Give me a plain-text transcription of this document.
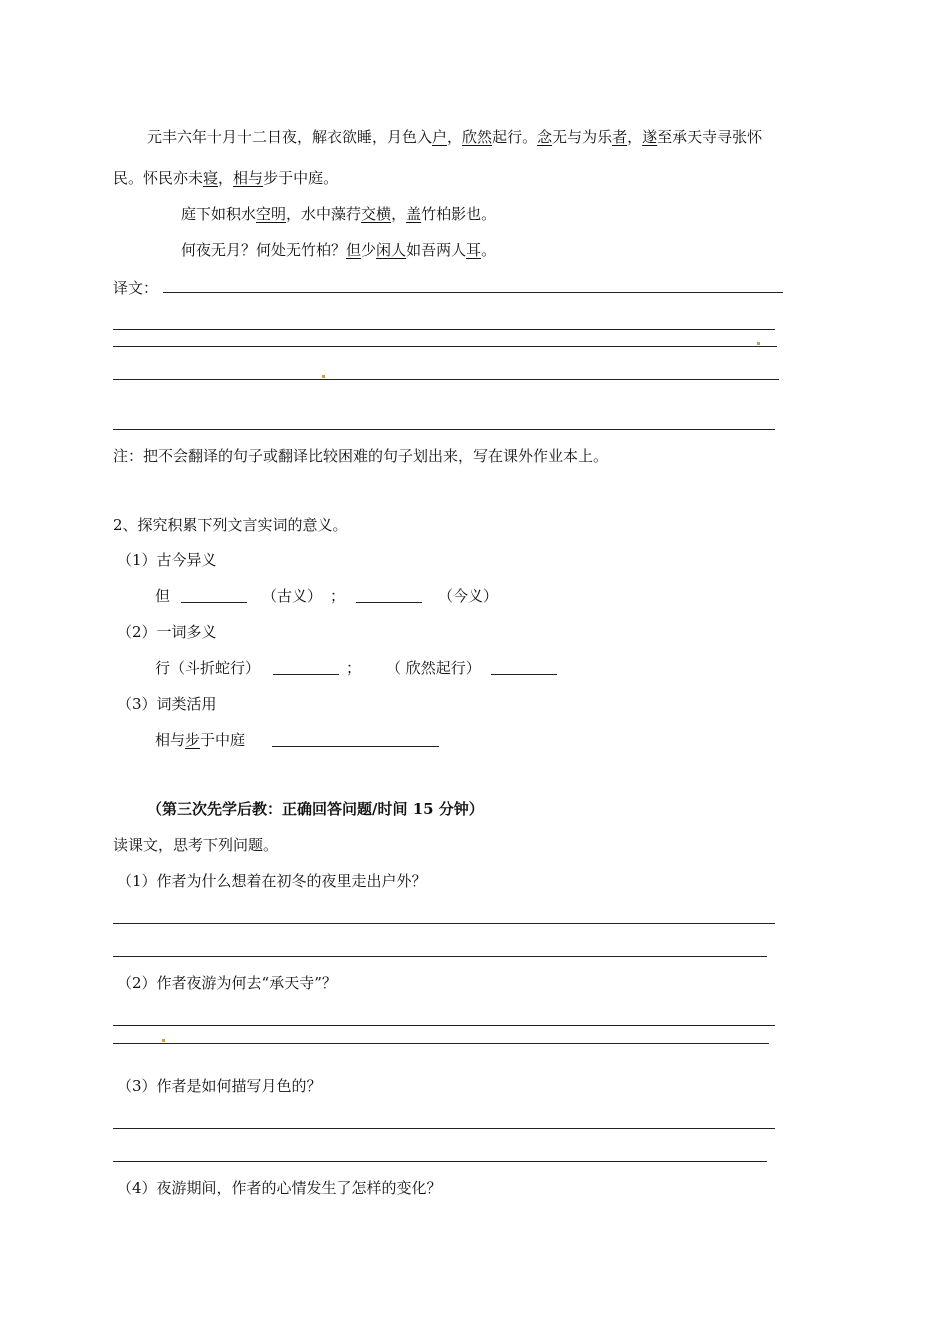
元丰六年十月十二日夜，解衣欲睡，月色入户，欣然起行。念无与为乐者，遂至承天寺寻张怀
民。怀民亦未寝，相与步于中庭。
庭下如积水空明，水中藻荇交横，盖竹柏影也。
何夜无月？何处无竹柏？但少闲人如吾两人耳。
译文：
注：把不会翻译的句子或翻译比较困难的句子划出来，写在课外作业本上。
2、探究积累下列文言实词的意义。
（1）古今异义
但	（古义） ；	（今义）
（2）一词多义
行（斗折蛇行）	； （ 欣然起行）
（3）词类活用
相与步于中庭
（第三次先学后教：正确回答问题/时间 15 分钟）
读课文，思考下列问题。
（1）作者为什么想着在初冬的夜里走出户外？
（2）作者夜游为何去“承天寺”？
（3）作者是如何描写月色的？
（4）夜游期间，作者的心情发生了怎样的变化？
